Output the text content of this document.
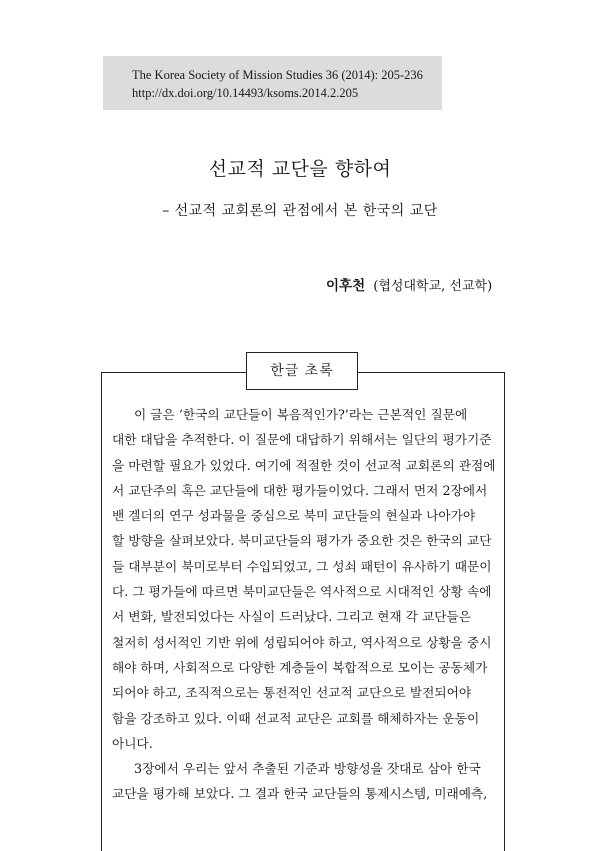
The Korea Society of Mission Studies 36 (2014): 205-236
http://dx.doi.org/10.14493/ksoms.2014.2.205
선교적 교단을 향하여
– 선교적 교회론의 관점에서 본 한국의 교단
이후천 (협성대학교, 선교학)
한글 초록
이 글은 ‘한국의 교단들이 복음적인가?’라는 근본적인 질문에
대한 대답을 추적한다. 이 질문에 대답하기 위해서는 일단의 평가기준
을 마련할 필요가 있었다. 여기에 적절한 것이 선교적 교회론의 관점에
서 교단주의 혹은 교단들에 대한 평가들이었다. 그래서 먼저 2장에서
밴 겔더의 연구 성과물을 중심으로 북미 교단들의 현실과 나아가야
할 방향을 살펴보았다. 북미교단들의 평가가 중요한 것은 한국의 교단
들 대부분이 북미로부터 수입되었고, 그 성쇠 패턴이 유사하기 때문이
다. 그 평가들에 따르면 북미교단들은 역사적으로 시대적인 상황 속에
서 변화, 발전되었다는 사실이 드러났다. 그리고 현재 각 교단들은
철저히 성서적인 기반 위에 성립되어야 하고, 역사적으로 상황을 중시
해야 하며, 사회적으로 다양한 계층들이 복합적으로 모이는 공동체가
되어야 하고, 조직적으로는 통전적인 선교적 교단으로 발전되어야
함을 강조하고 있다. 이때 선교적 교단은 교회를 해체하자는 운동이
아니다.
3장에서 우리는 앞서 추출된 기준과 방향성을 잣대로 삼아 한국
교단을 평가해 보았다. 그 결과 한국 교단들의 통제시스템, 미래예측,
